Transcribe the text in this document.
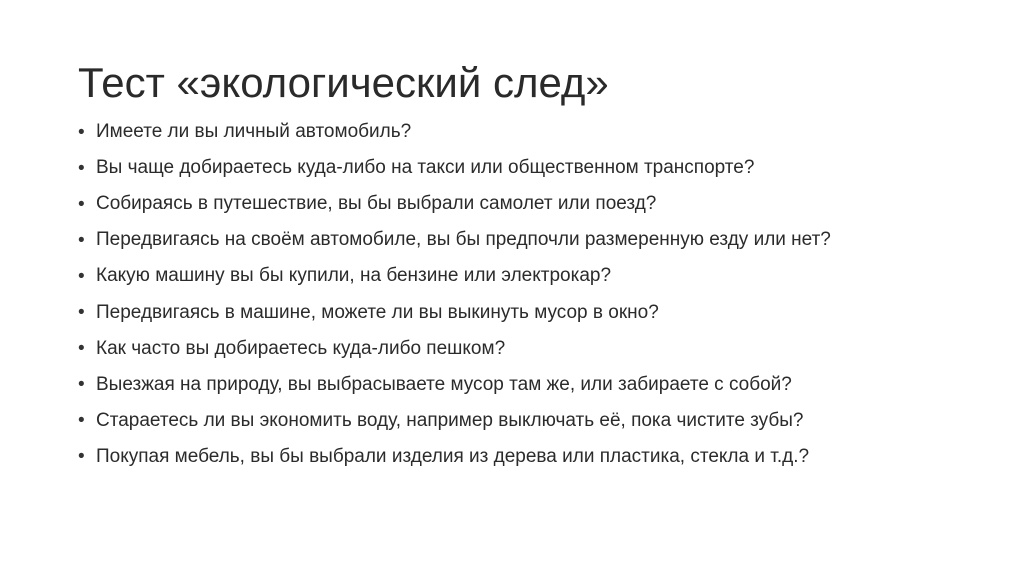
Тест «экологический след»
• Имеете ли вы личный автомобиль?
• Вы чаще добираетесь куда-либо на такси или общественном транспорте?
• Собираясь в путешествие, вы бы выбрали самолет или поезд?
• Передвигаясь на своём автомобиле, вы бы предпочли размеренную езду или нет?
• Какую машину вы бы купили, на бензине или электрокар?
• Передвигаясь в машине, можете ли вы выкинуть мусор в окно?
• Как часто вы добираетесь куда-либо пешком?
• Выезжая на природу, вы выбрасываете мусор там же, или забираете с собой?
• Стараетесь ли вы экономить воду, например выключать её, пока чистите зубы?
• Покупая мебель, вы бы выбрали изделия из дерева или пластика, стекла и т.д.?
